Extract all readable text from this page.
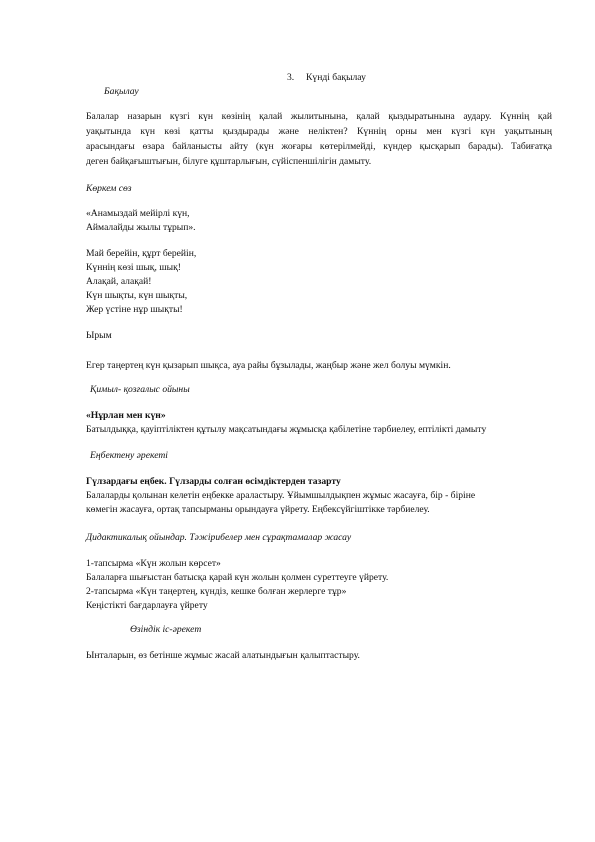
3. Күнді бақылау
Бақылау
Балалар назарын күзгі күн көзінің қалай жылитынына, қалай қыздыратынына аудару. Күннің қай
уақытында күн көзі қатты қыздырады және неліктен? Күннің орны мен күзгі күн уақытының
арасындағы өзара байланысты айту (күн жоғары көтерілмейді, күндер қысқарып барады). Табиғатқа
деген байқағыштығын, білуге құштарлығын, сүйіспеншілігін дамыту.
Көркем сөз
«Анамыздай мейірлі күн,
Аймалайды жылы тұрып».
Май берейін, құрт берейін,
Күннің көзі шық, шық!
Алақай, алақай!
Күн шықты, күн шықты,
Жер үстіне нұр шықты!
Ырым
Егер таңертең күн қызарып шықса, ауа райы бұзылады, жаңбыр және жел болуы мүмкін.
Қимыл- қозғалыс ойыны
«Нұрлан мен күн»
Батылдыққа, қауіптіліктен құтылу мақсатындағы жұмысқа қабілетіне тәрбиелеу, ептілікті дамыту
Еңбектену әрекеті
Гүлзардағы еңбек. Гүлзарды солған өсімдіктерден тазарту
Балаларды қолынан келетін еңбекке араластыру. Ұйымшылдықпен жұмыс жасауға, бір - біріне
көмегін жасауға, ортақ тапсырманы орындауға үйрету. Еңбексүйгіштікке тәрбиелеу.
Дидактикалық ойындар. Тәжірибелер мен сұрақтамалар жасау
1-тапсырма «Күн жолын көрсет»
Балаларға шығыстан батысқа қарай күн жолын қолмен суреттеуге үйрету.
2-тапсырма «Күн таңертең, күндіз, кешке болған жерлерге тұр»
Кеңістікті бағдарлауға үйрету
Өзіндік іс-әрекет
Ынталарын, өз бетінше жұмыс жасай алатындығын қалыптастыру.
